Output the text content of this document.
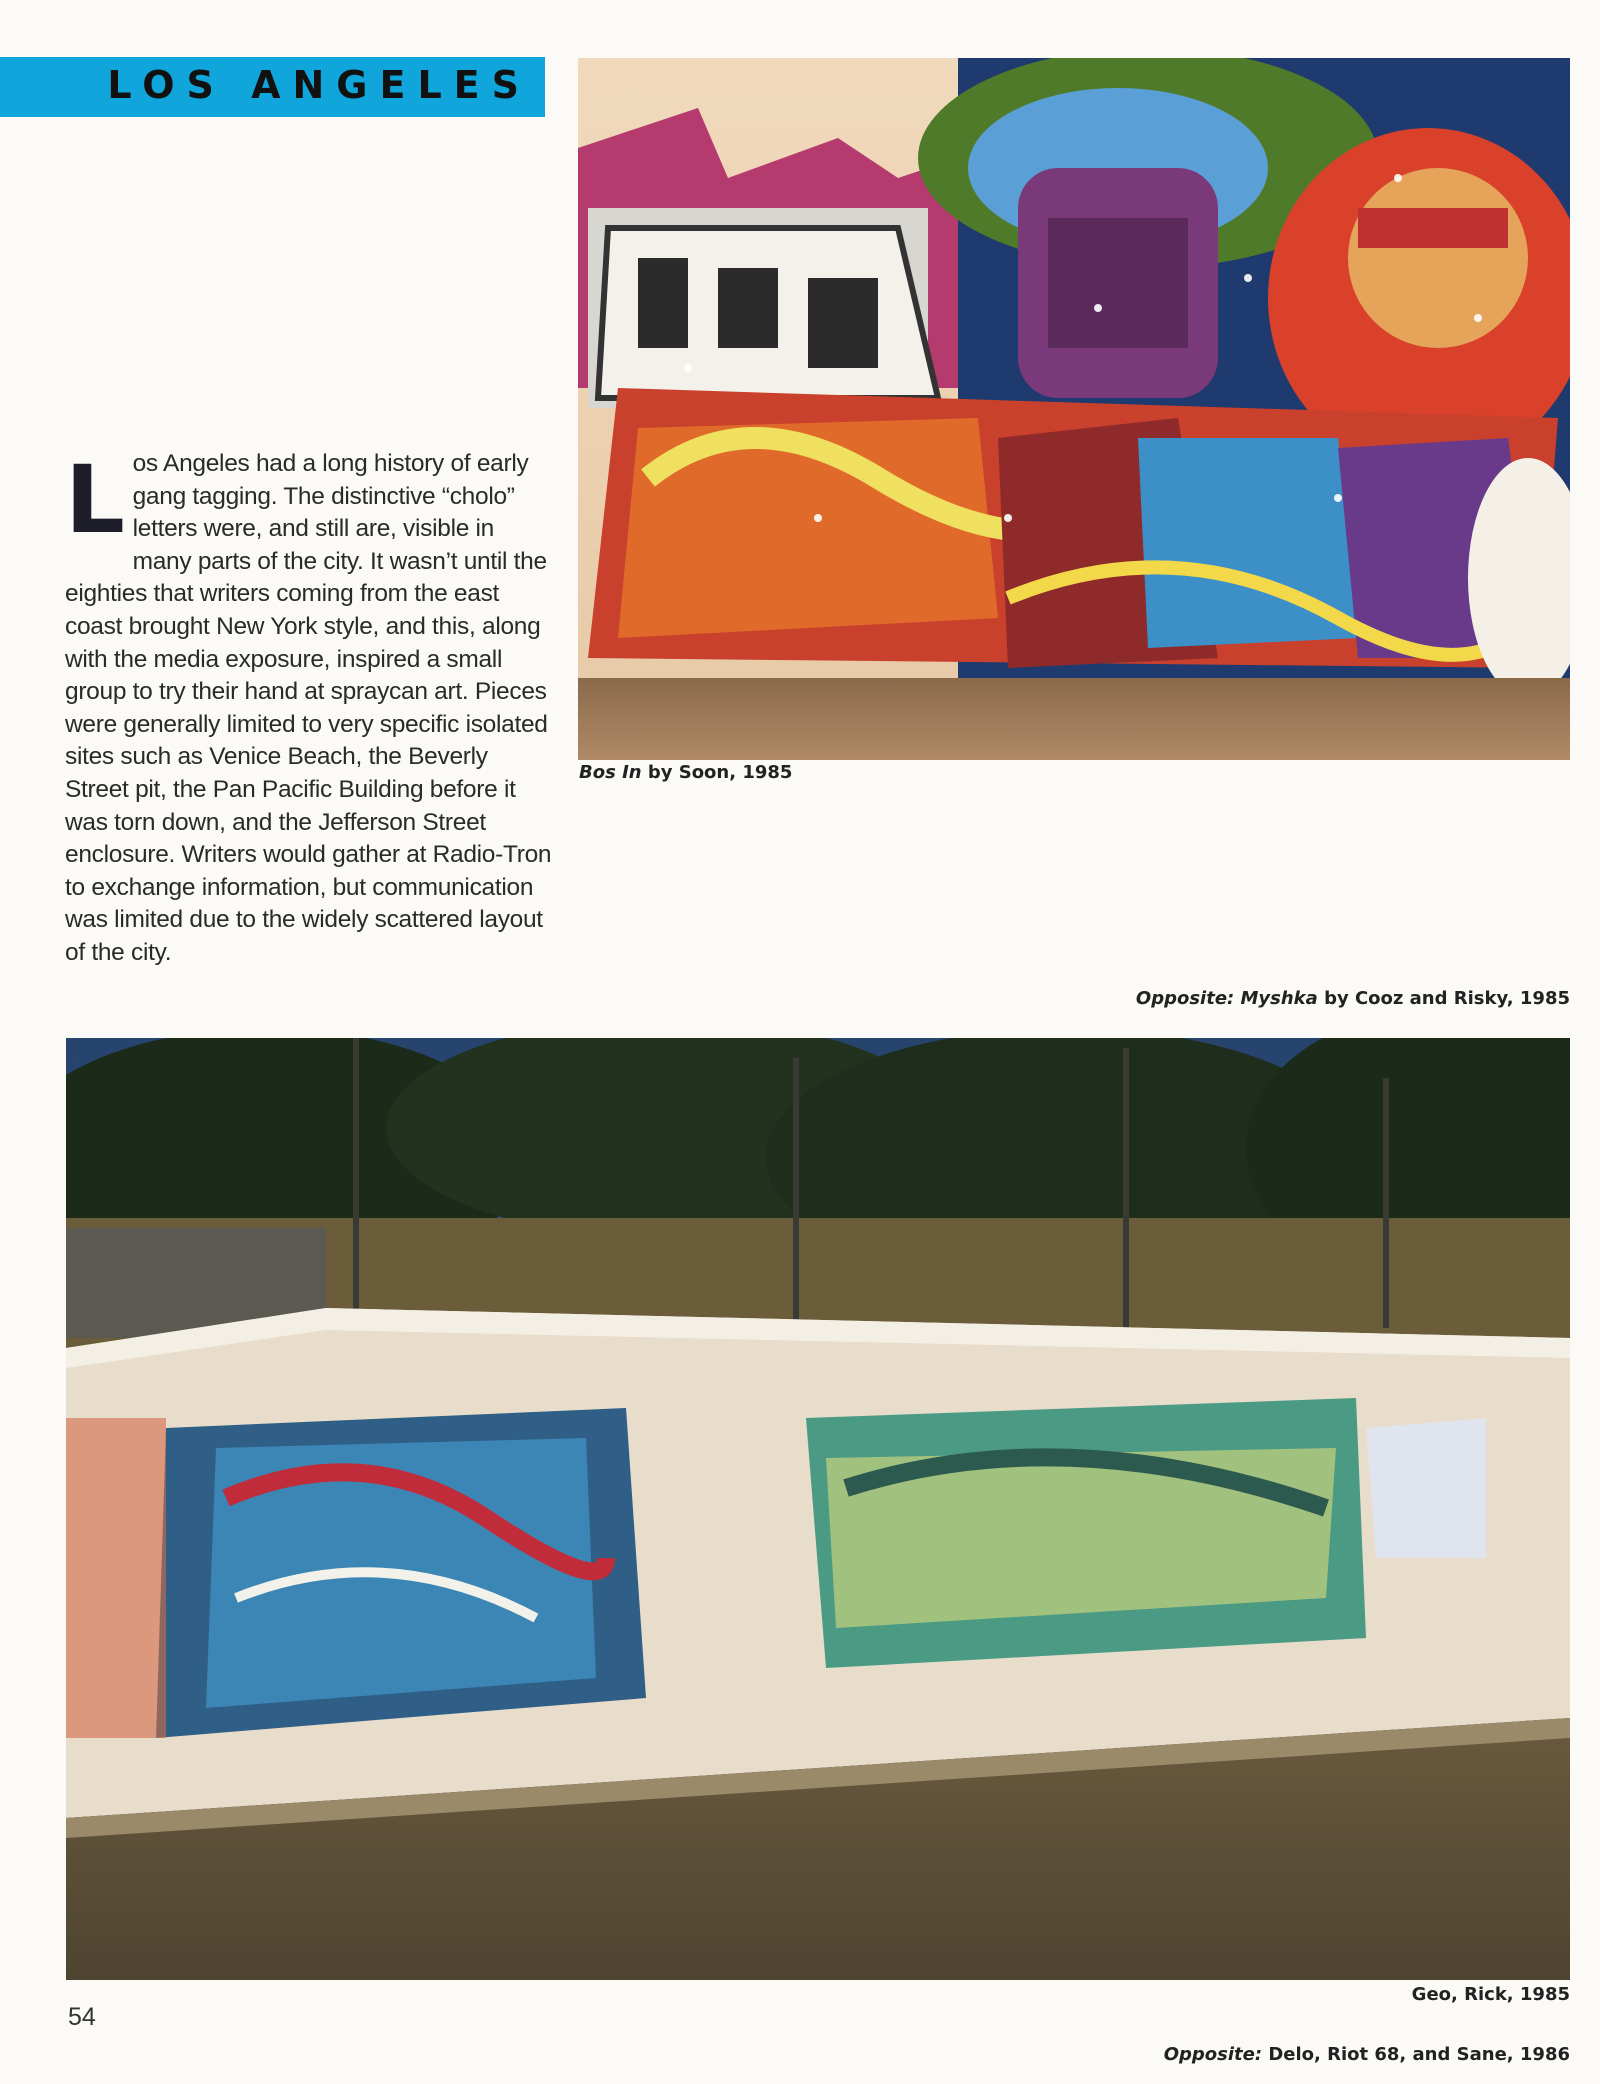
LOS ANGELES
Los Angeles had a long history of early gang tagging. The distinctive “cholo” letters were, and still are, visible in many parts of the city. It wasn’t until the eighties that writers coming from the east coast brought New York style, and this, along with the media exposure, inspired a small group to try their hand at spraycan art. Pieces were generally limited to very specific isolated sites such as Venice Beach, the Beverly Street pit, the Pan Pacific Building before it was torn down, and the Jefferson Street enclosure. Writers would gather at Radio-Tron to exchange information, but communication was limited due to the widely scattered layout of the city.
Bos In by Soon, 1985
Opposite: Myshka by Cooz and Risky, 1985
54
Geo, Rick, 1985
Opposite: Delo, Riot 68, and Sane, 1986
